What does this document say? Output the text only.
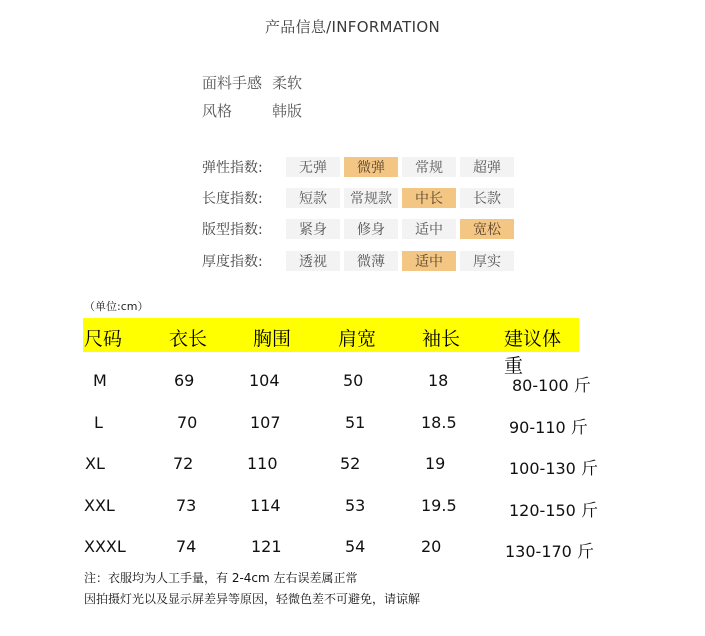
产品信息/INFORMATION
面料手感 柔软
风格	韩版
弹性指数:	无弹	微弹	常规	超弹
长度指数:	短款	常规款	中长	长款
版型指数:	紧身	修身	适中	宽松
厚度指数:	透视	微薄	适中	厚实
（单位:cm）
尺码 衣长 胸围 肩宽 袖长 建议体重
M	69	104	50	18	80-100 斤
L	70	107	51	18.5	90-110 斤
XL	72	110	52	19	100-130 斤
XXL	73	114	53	19.5	120-150 斤
XXXL	74	121	54	20	130-170 斤
注：衣服均为人工手量，有 2-4cm 左右误差属正常
因拍摄灯光以及显示屏差异等原因，轻微色差不可避免，请谅解
